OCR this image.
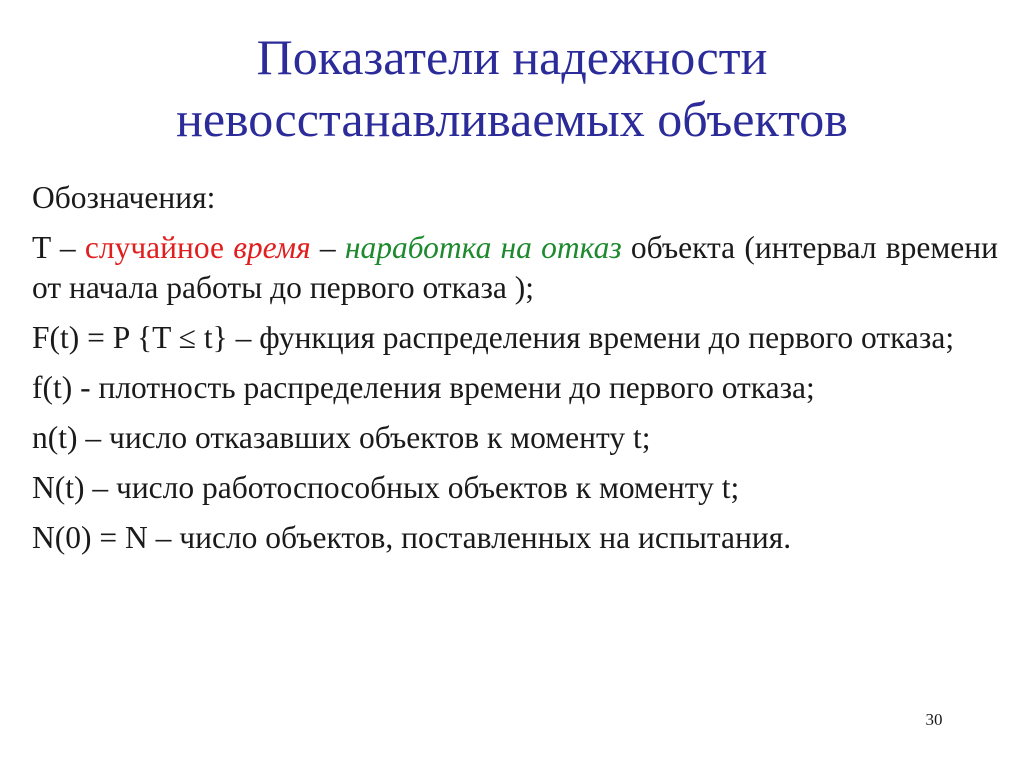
Показатели надежности
невосстанавливаемых объектов
Обозначения:
T – случайное время – наработка на отказ объекта (интервал времени от начала работы до первого отказа );
F(t) = P {T ≤ t} – функция распределения времени до первого отказа;
f(t) - плотность распределения времени до первого отказа;
n(t) – число отказавших объектов к моменту t;
N(t) – число работоспособных объектов к моменту t;
N(0) = N – число объектов, поставленных на испытания.
30
